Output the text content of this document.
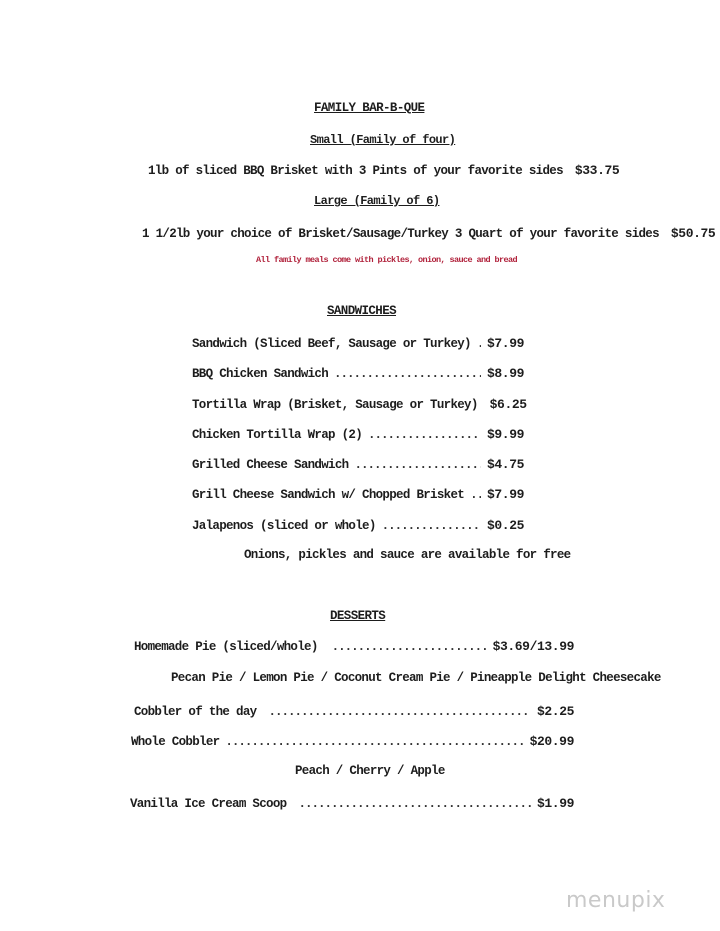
FAMILY BAR-B-QUE
Small (Family of four)
1lb of sliced BBQ Brisket with 3 Pints of your favorite sides $33.75
Large (Family of 6)
1 1/2lb your choice of Brisket/Sausage/Turkey 3 Quart of your favorite sides $50.75
All family meals come with pickles, onion, sauce and bread
SANDWICHES
Sandwich (Sliced Beef, Sausage or Turkey) ..... $7.99
BBQ Chicken Sandwich .....	$8.99
Tortilla Wrap (Brisket, Sausage or Turkey) $6.25
Chicken Tortilla Wrap (2) .....	$9.99
Grilled Cheese Sandwich .....	$4.75
Grill Cheese Sandwich w/ Chopped Brisket ..... $7.99
Jalapenos (sliced or whole) .....	$0.25
Onions, pickles and sauce are available for free
DESSERTS
Homemade Pie (sliced/whole) .....	$3.69/13.99
Pecan Pie / Lemon Pie / Coconut Cream Pie / Pineapple Delight Cheesecake
Cobbler of the day .....	$2.25
Whole Cobbler .....	$20.99
Peach / Cherry / Apple
Vanilla Ice Cream Scoop .....	$1.99
menupix
